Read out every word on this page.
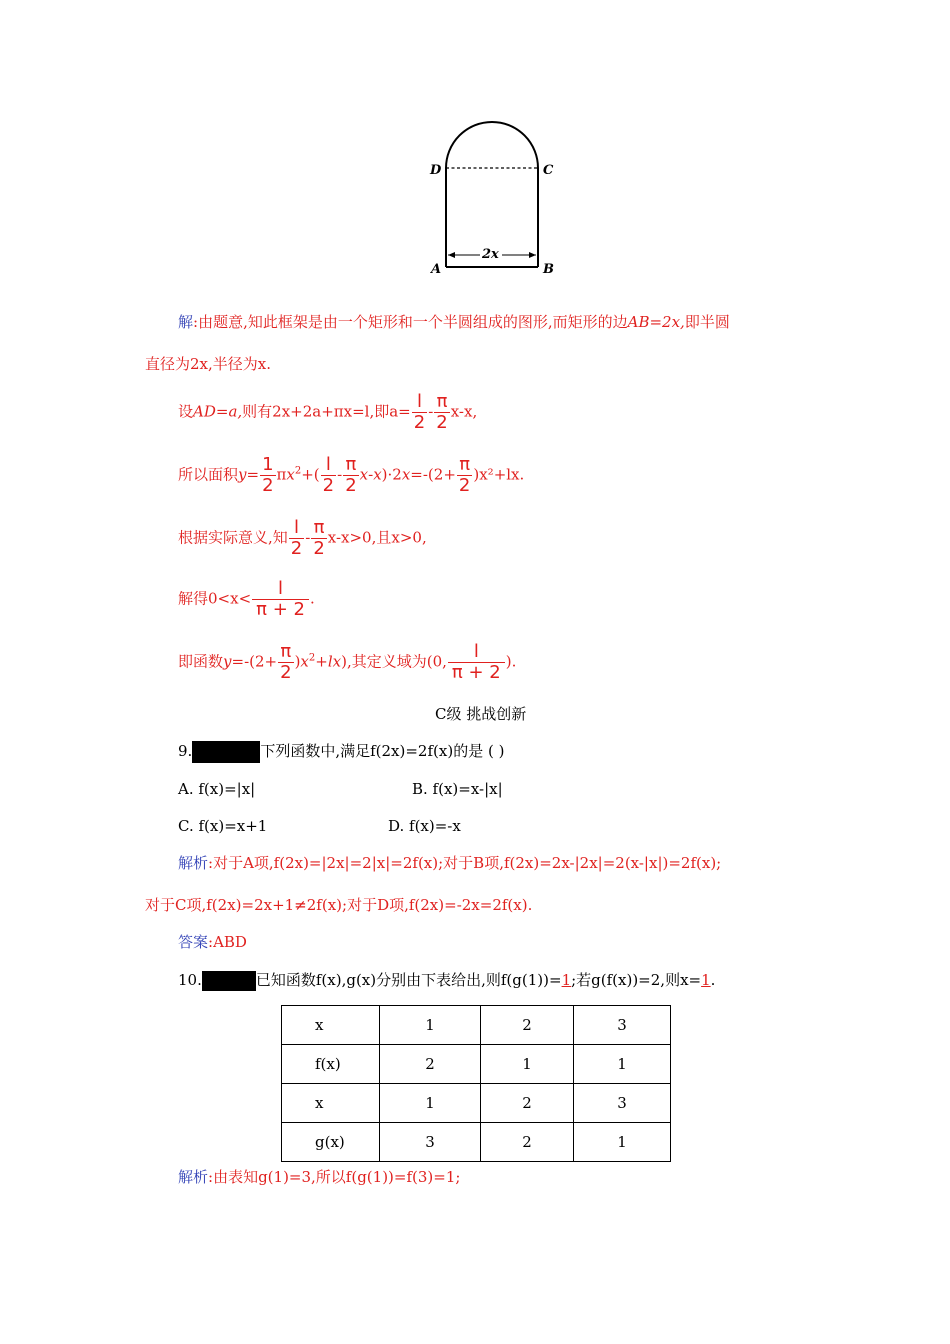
D	C
A	B
2x
解:由题意,知此框架是由一个矩形和一个半圆组成的图形,而矩形的边AB=2x,即半圆
直径为2x,半径为x.
设AD=a,则有2x+2a+πx=l,即$a= \frac{l}{2} - \frac{\pi}{2} x-x$,
所以面积$y= \frac{1}{2} \pi x^2+( \frac{l}{2} - \frac{\pi}{2} x-x)\cdot 2x=-(2+ \frac{\pi}{2} )x^2+lx$.
根据实际意义,知 $\frac{l}{2} - \frac{\pi}{2} x-x>0$,且x>0,
解得$0<x< \frac{l}{\pi + 2}$ .
即函数$y=-(2+ \frac{\pi}{2} )x^2+lx$),其定义域为(0, $\frac{l}{\pi + 2}$ ).
C级 挑战创新
9.	下列函数中,满足f(2x)=2f(x)的是 ( )
A. f(x)=|x|	B. f(x)=x-|x|
C. f(x)=x+1	D. f(x)=-x
解析:对于A项,f(2x)=|2x|=2|x|=2f(x);对于B项,f(2x)=2x-|2x|=2(x-|x|)=2f(x);
对于C项,f(2x)=2x+1≠2f(x);对于D项,f(2x)=-2x=2f(x).
答案:ABD
10.	已知函数f(x),g(x)分别由下表给出,则f(g(1))=1;若g(f(x))=2,则x=1.
x	1	2	3
f(x)	2	1	1
x	1	2	3
g(x)	3	2	1
解析:由表知g(1)=3,所以f(g(1))=f(3)=1;
